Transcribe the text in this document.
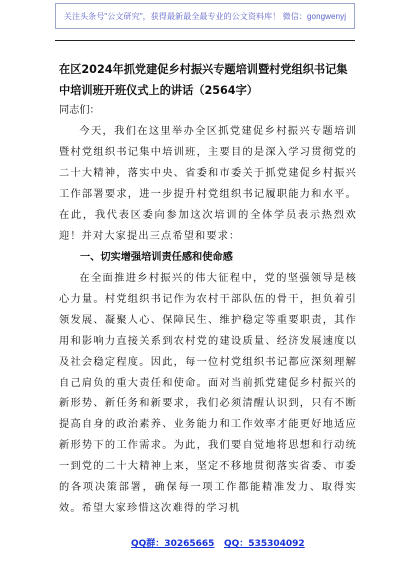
关注头条号"公文研究"，获得最新最全最专业的公文资料库！ 微信：gongwenyj
在区2024年抓党建促乡村振兴专题培训暨村党组织书记集中培训班开班仪式上的讲话（2564字）
同志们：
今天，我们在这里举办全区抓党建促乡村振兴专题培训暨村党组织书记集中培训班，主要目的是深入学习贯彻党的二十大精神，落实中央、省委和市委关于抓党建促乡村振兴工作部署要求，进一步提升村党组织书记履职能力和水平。在此，我代表区委向参加这次培训的全体学员表示热烈欢迎！并对大家提出三点希望和要求：
一、切实增强培训责任感和使命感
在全面推进乡村振兴的伟大征程中，党的坚强领导是核心力量。村党组织书记作为农村干部队伍的骨干，担负着引领发展、凝聚人心、保障民生、维护稳定等重要职责，其作用和影响力直接关系到农村党的建设质量、经济发展速度以及社会稳定程度。因此，每一位村党组织书记都应深刻理解自己肩负的重大责任和使命。面对当前抓党建促乡村振兴的新形势、新任务和新要求，我们必须清醒认识到，只有不断提高自身的政治素养、业务能力和工作效率才能更好地适应新形势下的工作需求。为此，我们要自觉地将思想和行动统一到党的二十大精神上来，坚定不移地贯彻落实省委、市委的各项决策部署，确保每一项工作都能精准发力、取得实效。希望大家珍惜这次难得的学习机
QQ群：30265665 QQ：535304092
